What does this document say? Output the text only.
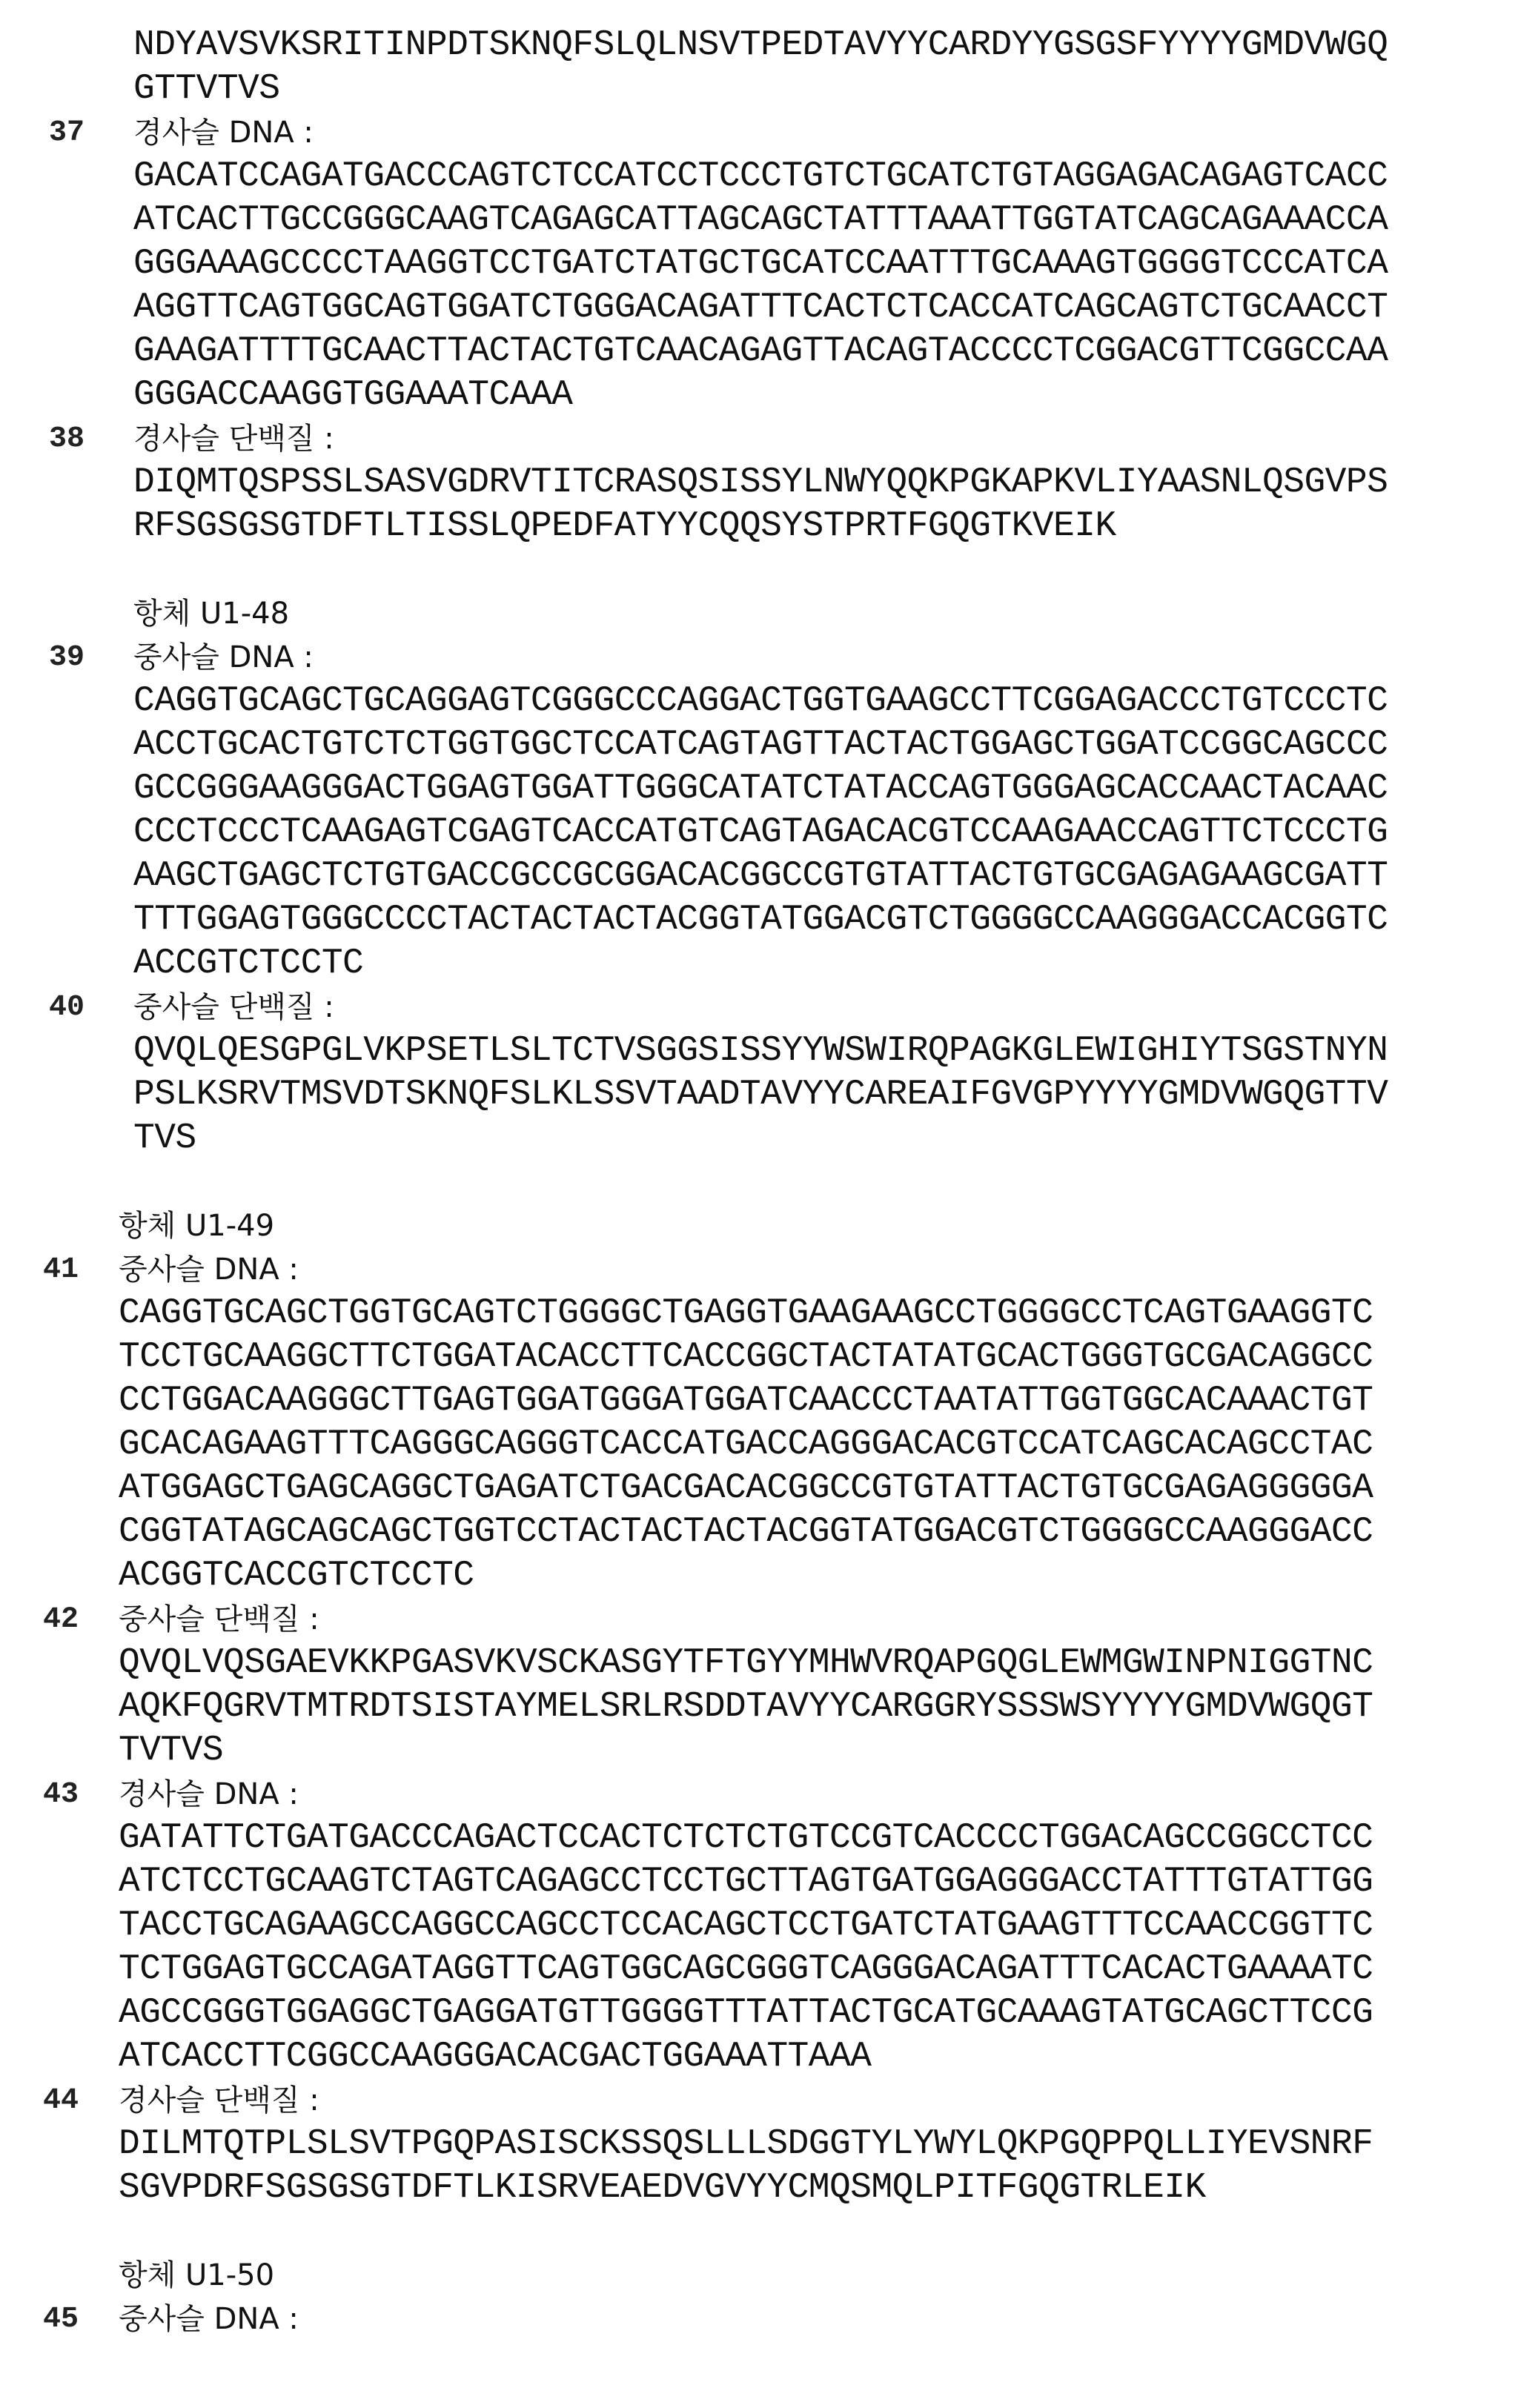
NDYAVSVKSRITINPDTSKNQFSLQLNSVTPEDTAVYYCARDYYGSGSFYYYYGMDVWGQ
GTTVTVS
37 경사슬 DNA :
GACATCCAGATGACCCAGTCTCCATCCTCCCTGTCTGCATCTGTAGGAGACAGAGTCACC
ATCACTTGCCGGGCAAGTCAGAGCATTAGCAGCTATTTAAATTGGTATCAGCAGAAACCA
GGGAAAGCCCCTAAGGTCCTGATCTATGCTGCATCCAATTTGCAAAGTGGGGTCCCATCA
AGGTTCAGTGGCAGTGGATCTGGGACAGATTTCACTCTCACCATCAGCAGTCTGCAACCT
GAAGATTTTGCAACTTACTACTGTCAACAGAGTTACAGTACCCCTCGGACGTTCGGCCAA
GGGACCAAGGTGGAAATCAAA
38 경사슬 단백질 :
DIQMTQSPSSLSASVGDRVTITCRASQSISSYLNWYQQKPGKAPKVLIYAASNLQSGVPS
RFSGSGSGTDFTLTISSLQPEDFATYYCQQSYSTPRTFGQGTKVEIK
항체 U1-48
39 중사슬 DNA :
CAGGTGCAGCTGCAGGAGTCGGGCCCAGGACTGGTGAAGCCTTCGGAGACCCTGTCCCTC
ACCTGCACTGTCTCTGGTGGCTCCATCAGTAGTTACTACTGGAGCTGGATCCGGCAGCCC
GCCGGGAAGGGACTGGAGTGGATTGGGCATATCTATACCAGTGGGAGCACCAACTACAAC
CCCTCCCTCAAGAGTCGAGTCACCATGTCAGTAGACACGTCCAAGAACCAGTTCTCCCTG
AAGCTGAGCTCTGTGACCGCCGCGGACACGGCCGTGTATTACTGTGCGAGAGAAGCGATT
TTTGGAGTGGGCCCCTACTACTACTACGGTATGGACGTCTGGGGCCAAGGGACCACGGTC
ACCGTCTCCTC
40 중사슬 단백질 :
QVQLQESGPGLVKPSETLSLTCTVSGGSISSYYWSWIRQPAGKGLEWIGHIYTSGSTNYN
PSLKSRVTMSVDTSKNQFSLKLSSVTAADTAVYYCAREAIFGVGPYYYYGMDVWGQGTTV
TVS
항체 U1-49
41 중사슬 DNA :
CAGGTGCAGCTGGTGCAGTCTGGGGCTGAGGTGAAGAAGCCTGGGGCCTCAGTGAAGGTC
TCCTGCAAGGCTTCTGGATACACCTTCACCGGCTACTATATGCACTGGGTGCGACAGGCC
CCTGGACAAGGGCTTGAGTGGATGGGATGGATCAACCCTAATATTGGTGGCACAAACTGT
GCACAGAAGTTTCAGGGCAGGGTCACCATGACCAGGGACACGTCCATCAGCACAGCCTAC
ATGGAGCTGAGCAGGCTGAGATCTGACGACACGGCCGTGTATTACTGTGCGAGAGGGGGA
CGGTATAGCAGCAGCTGGTCCTACTACTACTACGGTATGGACGTCTGGGGCCAAGGGACC
ACGGTCACCGTCTCCTC
42 중사슬 단백질 :
QVQLVQSGAEVKKPGASVKVSCKASGYTFTGYYMHWVRQAPGQGLEWMGWINPNIGGTNC
AQKFQGRVTMTRDTSISTAYMELSRLRSDDTAVYYCARGGRYSSSWSYYYYGMDVWGQGT
TVTVS
43 경사슬 DNA :
GATATTCTGATGACCCAGACTCCACTCTCTCTGTCCGTCACCCCTGGACAGCCGGCCTCC
ATCTCCTGCAAGTCTAGTCAGAGCCTCCTGCTTAGTGATGGAGGGACCTATTTGTATTGG
TACCTGCAGAAGCCAGGCCAGCCTCCACAGCTCCTGATCTATGAAGTTTCCAACCGGTTC
TCTGGAGTGCCAGATAGGTTCAGTGGCAGCGGGTCAGGGACAGATTTCACACTGAAAATC
AGCCGGGTGGAGGCTGAGGATGTTGGGGTTTATTACTGCATGCAAAGTATGCAGCTTCCG
ATCACCTTCGGCCAAGGGACACGACTGGAAATTAAA
44 경사슬 단백질 :
DILMTQTPLSLSVTPGQPASISCKSSQSLLLSDGGTYLYWYLQKPGQPPQLLIYEVSNRF
SGVPDRFSGSGSGTDFTLKISRVEAEDVGVYYCMQSMQLPITFGQGTRLEIK
항체 U1-50
45 중사슬 DNA :
